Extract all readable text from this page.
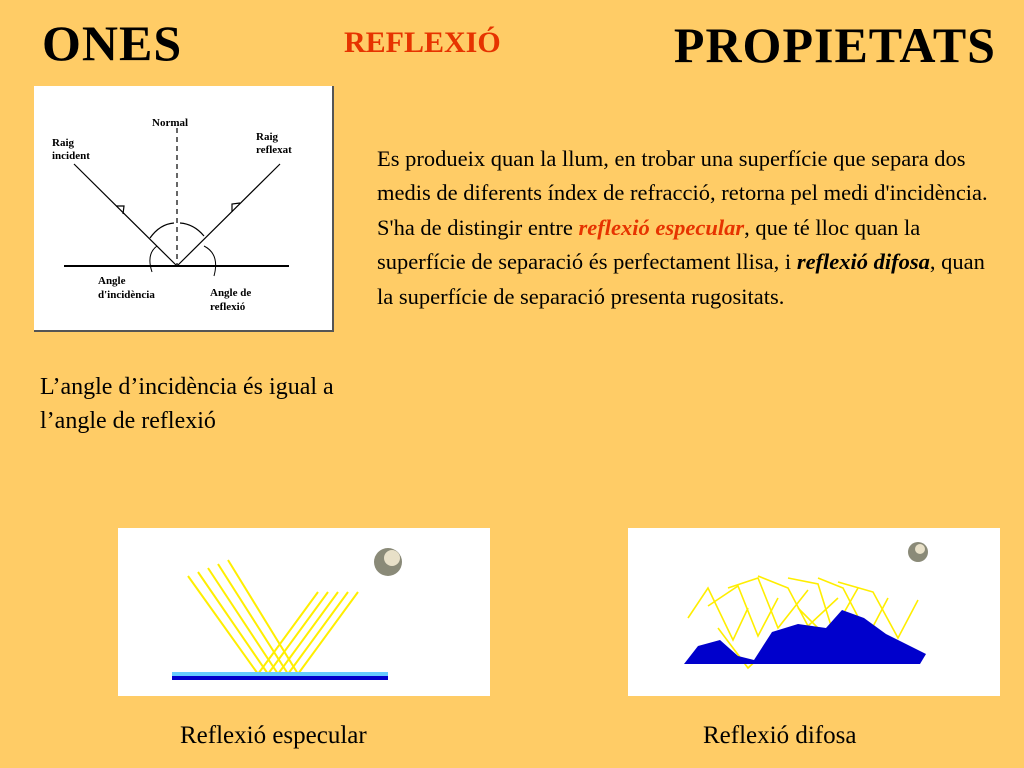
ONES	REFLEXIÓ	PROPIETATS
Normal
Raig
incident
Raig
reflexat
Angle
d'incidència	Angle de
reflexió
Es produeix quan la llum, en trobar una superfície que separa dos medis de diferents índex de refracció, retorna pel medi d'incidència. S'ha de distingir entre reflexió especular, que té lloc quan la superfície de separació és perfectament llisa, i reflexió difosa, quan la superfície de separació presenta rugositats.
L’angle d’incidència és igual a l’angle de reflexió
Reflexió especular	Reflexió difosa
